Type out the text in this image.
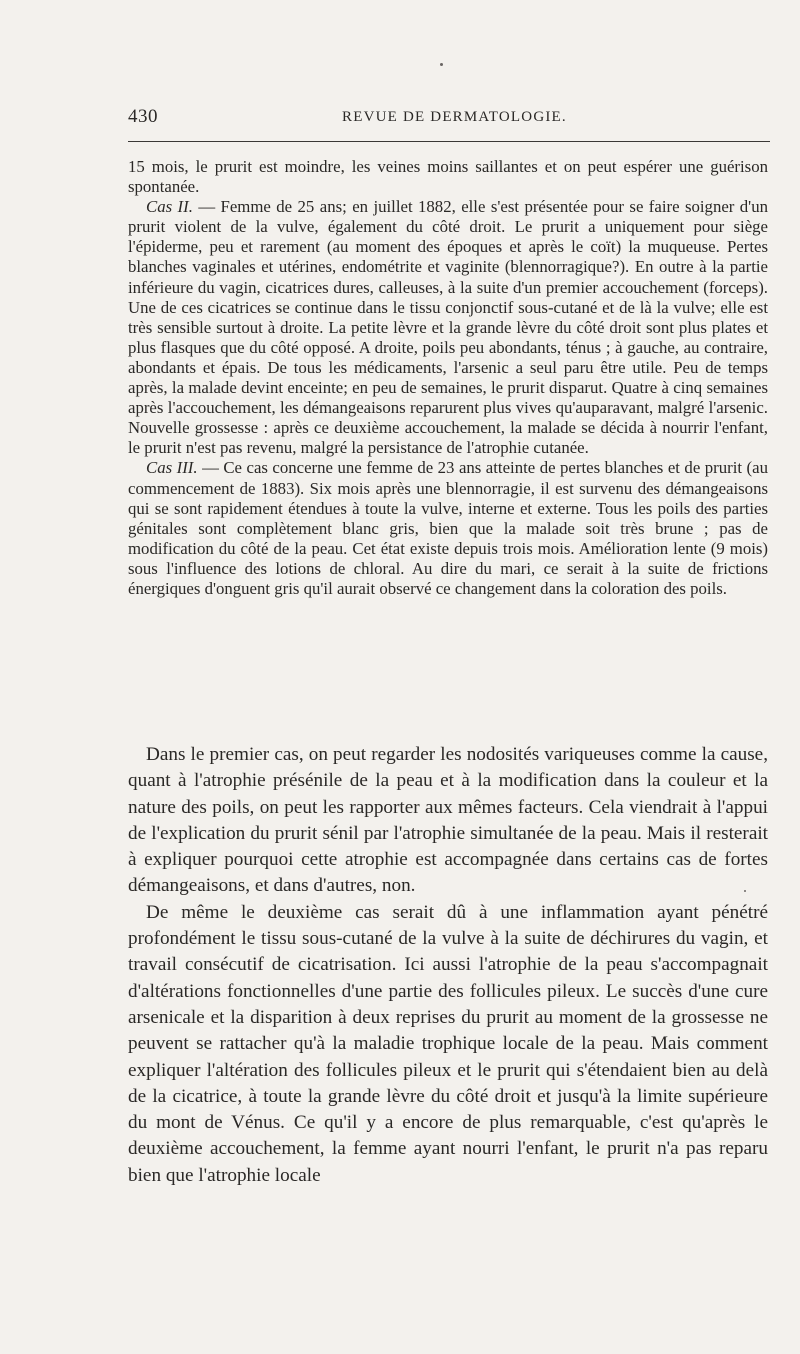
430	REVUE DE DERMATOLOGIE.

15 mois, le prurit est moindre, les veines moins saillantes et on peut espérer une guérison spontanée.

Cas II. — Femme de 25 ans; en juillet 1882, elle s'est présentée pour se faire soigner d'un prurit violent de la vulve, également du côté droit. Le prurit a uniquement pour siège l'épiderme, peu et rarement (au moment des époques et après le coït) la muqueuse. Pertes blanches vaginales et utérines, endométrite et vaginite (blennorragique?). En outre à la partie inférieure du vagin, cicatrices dures, calleuses, à la suite d'un premier accouchement (forceps). Une de ces cicatrices se continue dans le tissu conjonctif sous-cutané et de là la vulve; elle est très sensible surtout à droite. La petite lèvre et la grande lèvre du côté droit sont plus plates et plus flasques que du côté opposé. A droite, poils peu abondants, ténus ; à gauche, au contraire, abondants et épais. De tous les médicaments, l'arsenic a seul paru être utile. Peu de temps après, la malade devint enceinte; en peu de semaines, le prurit disparut. Quatre à cinq semaines après l'accouchement, les démangeaisons reparurent plus vives qu'auparavant, malgré l'arsenic. Nouvelle grossesse : après ce deuxième accouchement, la malade se décida à nourrir l'enfant, le prurit n'est pas revenu, malgré la persistance de l'atrophie cutanée.

Cas III. — Ce cas concerne une femme de 23 ans atteinte de pertes blanches et de prurit (au commencement de 1883). Six mois après une blennorragie, il est survenu des démangeaisons qui se sont rapidement étendues à toute la vulve, interne et externe. Tous les poils des parties génitales sont complètement blanc gris, bien que la malade soit très brune ; pas de modification du côté de la peau. Cet état existe depuis trois mois. Amélioration lente (9 mois) sous l'influence des lotions de chloral. Au dire du mari, ce serait à la suite de frictions énergiques d'onguent gris qu'il aurait observé ce changement dans la coloration des poils.

Dans le premier cas, on peut regarder les nodosités variqueuses comme la cause, quant à l'atrophie présénile de la peau et à la modification dans la couleur et la nature des poils, on peut les rapporter aux mêmes facteurs. Cela viendrait à l'appui de l'explication du prurit sénil par l'atrophie simultanée de la peau. Mais il resterait à expliquer pourquoi cette atrophie est accompagnée dans certains cas de fortes démangeaisons, et dans d'autres, non.

De même le deuxième cas serait dû à une inflammation ayant pénétré profondément le tissu sous-cutané de la vulve à la suite de déchirures du vagin, et travail consécutif de cicatrisation. Ici aussi l'atrophie de la peau s'accompagnait d'altérations fonctionnelles d'une partie des follicules pileux. Le succès d'une cure arsenicale et la disparition à deux reprises du prurit au moment de la grossesse ne peuvent se rattacher qu'à la maladie trophique locale de la peau. Mais comment expliquer l'altération des follicules pileux et le prurit qui s'étendaient bien au delà de la cicatrice, à toute la grande lèvre du côté droit et jusqu'à la limite supérieure du mont de Vénus. Ce qu'il y a encore de plus remarquable, c'est qu'après le deuxième accouchement, la femme ayant nourri l'enfant, le prurit n'a pas reparu bien que l'atrophie locale
